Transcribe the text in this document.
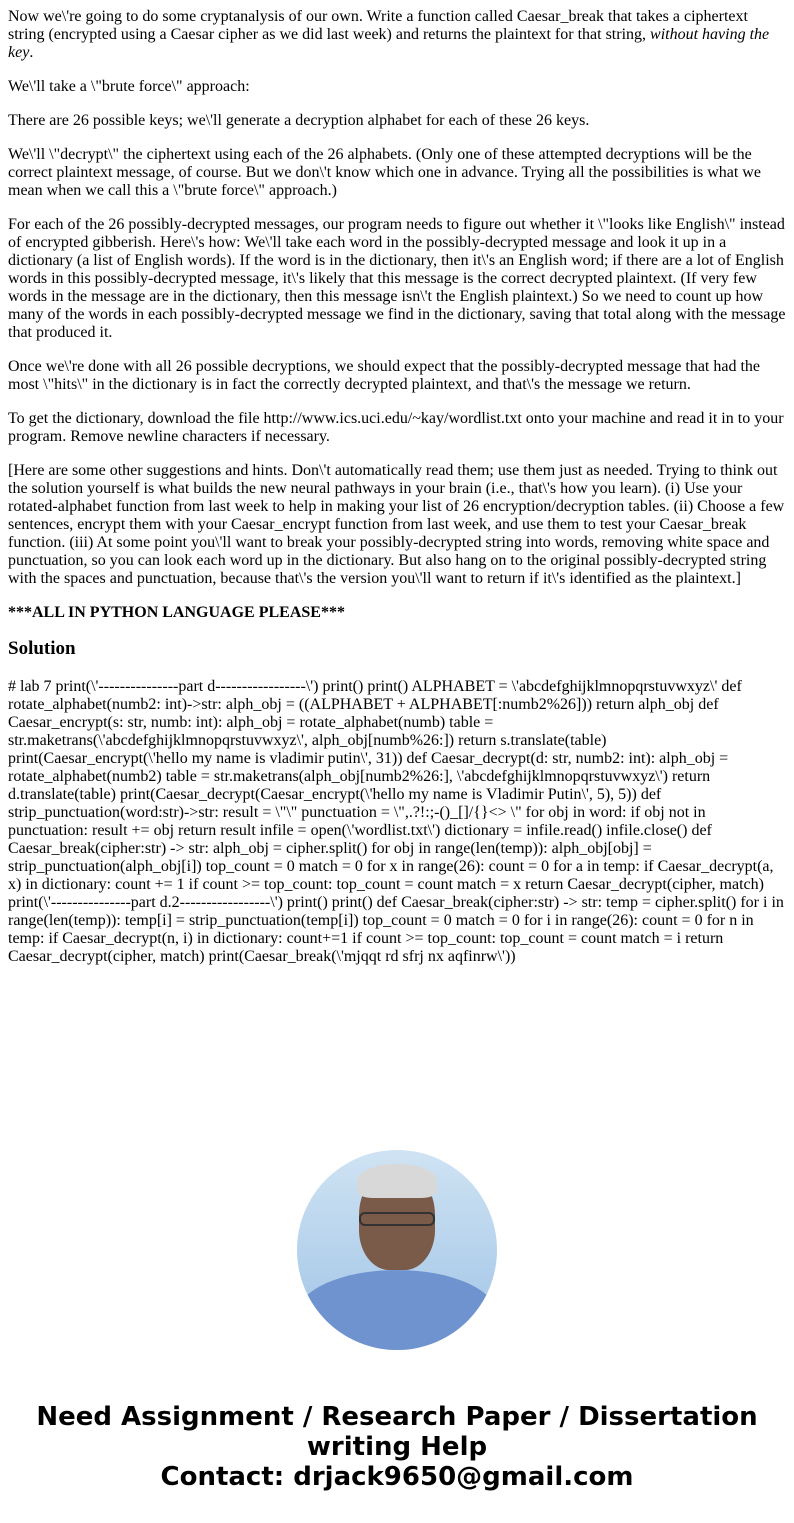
Now we\'re going to do some cryptanalysis of our own. Write a function called Caesar_break that takes a ciphertext string (encrypted using a Caesar cipher as we did last week) and returns the plaintext for that string, without having the key.

We\'ll take a \"brute force\" approach:

There are 26 possible keys; we\'ll generate a decryption alphabet for each of these 26 keys.

We\'ll \"decrypt\" the ciphertext using each of the 26 alphabets. (Only one of these attempted decryptions will be the correct plaintext message, of course. But we don\'t know which one in advance. Trying all the possibilities is what we mean when we call this a \"brute force\" approach.)

For each of the 26 possibly-decrypted messages, our program needs to figure out whether it \"looks like English\" instead of encrypted gibberish. Here\'s how: We\'ll take each word in the possibly-decrypted message and look it up in a dictionary (a list of English words). If the word is in the dictionary, then it\'s an English word; if there are a lot of English words in this possibly-decrypted message, it\'s likely that this message is the correct decrypted plaintext. (If very few words in the message are in the dictionary, then this message isn\'t the English plaintext.) So we need to count up how many of the words in each possibly-decrypted message we find in the dictionary, saving that total along with the message that produced it.

Once we\'re done with all 26 possible decryptions, we should expect that the possibly-decrypted message that had the most \"hits\" in the dictionary is in fact the correctly decrypted plaintext, and that\'s the message we return.

To get the dictionary, download the file http://www.ics.uci.edu/~kay/wordlist.txt onto your machine and read it in to your program. Remove newline characters if necessary.

[Here are some other suggestions and hints. Don\'t automatically read them; use them just as needed. Trying to think out the solution yourself is what builds the new neural pathways in your brain (i.e., that\'s how you learn). (i) Use your rotated-alphabet function from last week to help in making your list of 26 encryption/decryption tables. (ii) Choose a few sentences, encrypt them with your Caesar_encrypt function from last week, and use them to test your Caesar_break function. (iii) At some point you\'ll want to break your possibly-decrypted string into words, removing white space and punctuation, so you can look each word up in the dictionary. But also hang on to the original possibly-decrypted string with the spaces and punctuation, because that\'s the version you\'ll want to return if it\'s identified as the plaintext.]

***ALL IN PYTHON LANGUAGE PLEASE***

Solution
# lab 7 print(\'---------------part d-----------------\') print() print() ALPHABET = \'abcdefghijklmnopqrstuvwxyz\' def rotate_alphabet(numb2: int)->str: alph_obj = ((ALPHABET + ALPHABET[:numb2%26])) return alph_obj def Caesar_encrypt(s: str, numb: int): alph_obj = rotate_alphabet(numb) table = str.maketrans(\'abcdefghijklmnopqrstuvwxyz\', alph_obj[numb%26:]) return s.translate(table) print(Caesar_encrypt(\'hello my name is vladimir putin\', 31)) def Caesar_decrypt(d: str, numb2: int): alph_obj = rotate_alphabet(numb2) table = str.maketrans(alph_obj[numb2%26:], \'abcdefghijklmnopqrstuvwxyz\') return d.translate(table) print(Caesar_decrypt(Caesar_encrypt(\'hello my name is Vladimir Putin\', 5), 5)) def strip_punctuation(word:str)->str: result = \"\" punctuation = \",.?!:;-()_[]/{}<> \" for obj in word: if obj not in punctuation: result += obj return result infile = open(\'wordlist.txt\') dictionary = infile.read() infile.close() def Caesar_break(cipher:str) -> str: alph_obj = cipher.split() for obj in range(len(temp)): alph_obj[obj] = strip_punctuation(alph_obj[i]) top_count = 0 match = 0 for x in range(26): count = 0 for a in temp: if Caesar_decrypt(a, x) in dictionary: count += 1 if count >= top_count: top_count = count match = x return Caesar_decrypt(cipher, match) print(\'---------------part d.2-----------------\') print() print() def Caesar_break(cipher:str) -> str: temp = cipher.split() for i in range(len(temp)): temp[i] = strip_punctuation(temp[i]) top_count = 0 match = 0 for i in range(26): count = 0 for n in temp: if Caesar_decrypt(n, i) in dictionary: count+=1 if count >= top_count: top_count = count match = i return Caesar_decrypt(cipher, match) print(Caesar_break(\'mjqqt rd sfrj nx aqfinrw\'))
Need Assignment / Research Paper / Dissertation writing Help
Contact: drjack9650@gmail.com
